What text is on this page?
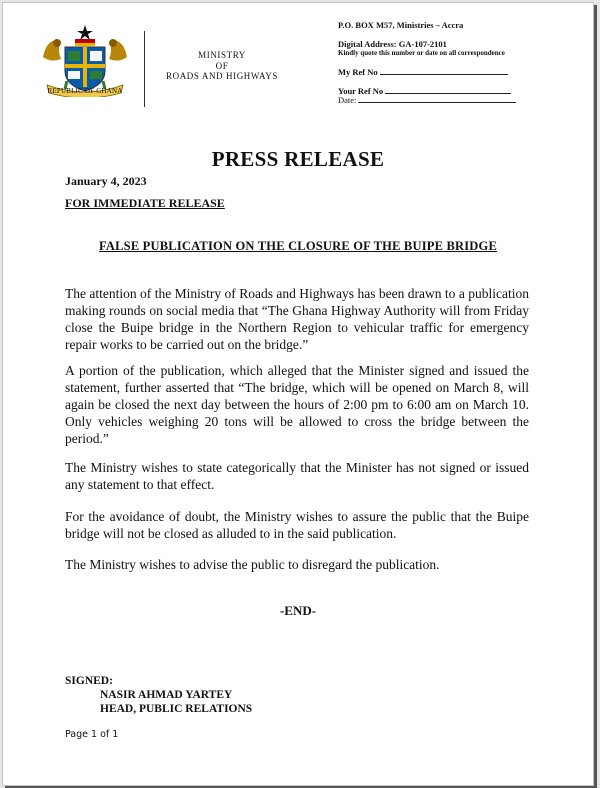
REPUBLIC OF GHANA
MINISTRY
OF
ROADS AND HIGHWAYS
P.O. BOX M57, Ministries – Accra
Digital Address: GA-107-2101
Kindly quote this number or date on all correspondence
My Ref No
Your Ref No
Date:
PRESS RELEASE
January 4, 2023
FOR IMMEDIATE RELEASE
FALSE PUBLICATION ON THE CLOSURE OF THE BUIPE BRIDGE

The attention of the Ministry of Roads and Highways has been drawn to a publication making rounds on social media that “The Ghana Highway Authority will from Friday close the Buipe bridge in the Northern Region to vehicular traffic for emergency repair works to be carried out on the bridge.”

A portion of the publication, which alleged that the Minister signed and issued the statement, further asserted that “The bridge, which will be opened on March 8, will again be closed the next day between the hours of 2:00 pm to 6:00 am on March 10. Only vehicles weighing 20 tons will be allowed to cross the bridge between the period.”

The Ministry wishes to state categorically that the Minister has not signed or issued any statement to that effect.

For the avoidance of doubt, the Ministry wishes to assure the public that the Buipe bridge will not be closed as alluded to in the said publication.

The Ministry wishes to advise the public to disregard the publication.

-END-
SIGNED:
NASIR AHMAD YARTEY
HEAD, PUBLIC RELATIONS
Page 1 of 1
